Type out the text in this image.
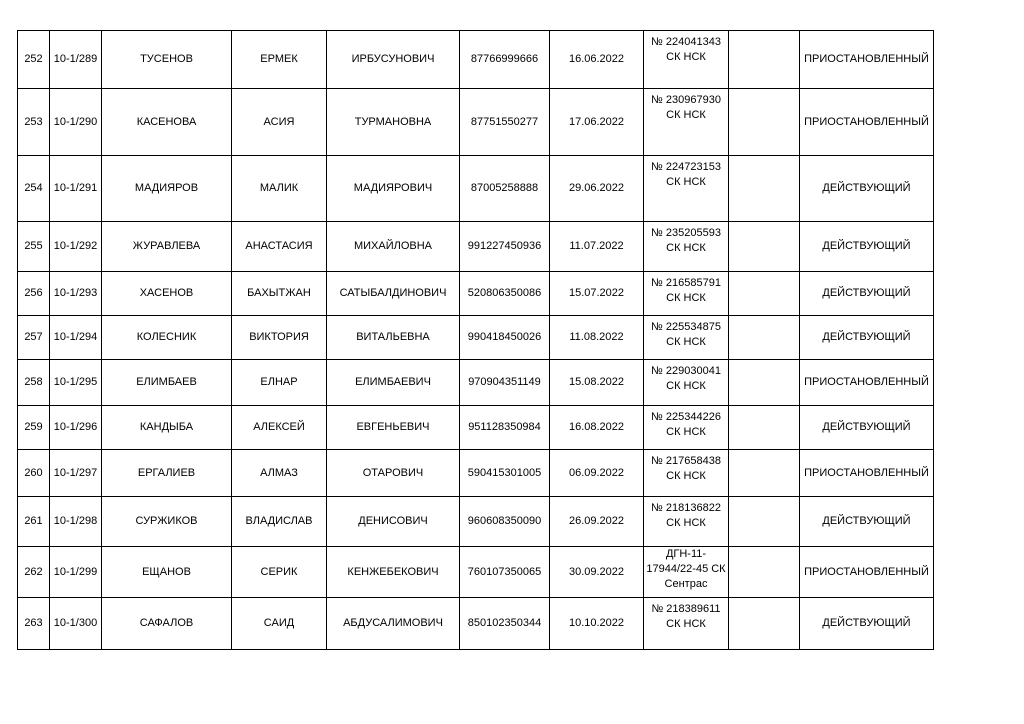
252	10-1/289	ТУСЕНОВ	ЕРМЕК	ИРБУСУНОВИЧ	87766999666	16.06.2022	№ 224041343
СК НСК		ПРИОСТАНОВЛЕННЫЙ
253	10-1/290	КАСЕНОВА	АСИЯ	ТУРМАНОВНА	87751550277	17.06.2022	№ 230967930
СК НСК		ПРИОСТАНОВЛЕННЫЙ
254	10-1/291	МАДИЯРОВ	МАЛИК	МАДИЯРОВИЧ	87005258888	29.06.2022	№ 224723153
СК НСК		ДЕЙСТВУЮЩИЙ
255	10-1/292	ЖУРАВЛЕВА	АНАСТАСИЯ	МИХАЙЛОВНА	991227450936	11.07.2022	№ 235205593
СК НСК		ДЕЙСТВУЮЩИЙ
256	10-1/293	ХАСЕНОВ	БАХЫТЖАН	САТЫБАЛДИНОВИЧ	520806350086	15.07.2022	№ 216585791
СК НСК		ДЕЙСТВУЮЩИЙ
257	10-1/294	КОЛЕСНИК	ВИКТОРИЯ	ВИТАЛЬЕВНА	990418450026	11.08.2022	№ 225534875
СК НСК		ДЕЙСТВУЮЩИЙ
258	10-1/295	ЕЛИМБАЕВ	ЕЛНАР	ЕЛИМБАЕВИЧ	970904351149	15.08.2022	№ 229030041
СК НСК		ПРИОСТАНОВЛЕННЫЙ
259	10-1/296	КАНДЫБА	АЛЕКСЕЙ	ЕВГЕНЬЕВИЧ	951128350984	16.08.2022	№ 225344226
СК НСК		ДЕЙСТВУЮЩИЙ
260	10-1/297	ЕРГАЛИЕВ	АЛМАЗ	ОТАРОВИЧ	590415301005	06.09.2022	№ 217658438
СК НСК		ПРИОСТАНОВЛЕННЫЙ
261	10-1/298	СУРЖИКОВ	ВЛАДИСЛАВ	ДЕНИСОВИЧ	960608350090	26.09.2022	№ 218136822
СК НСК		ДЕЙСТВУЮЩИЙ
262	10-1/299	ЕЩАНОВ	СЕРИК	КЕНЖЕБЕКОВИЧ	760107350065	30.09.2022	ДГН-11-
17944/22-45 СК
Сентрас		ПРИОСТАНОВЛЕННЫЙ
263	10-1/300	САФАЛОВ	САИД	АБДУСАЛИМОВИЧ	850102350344	10.10.2022	№ 218389611
СК НСК		ДЕЙСТВУЮЩИЙ
